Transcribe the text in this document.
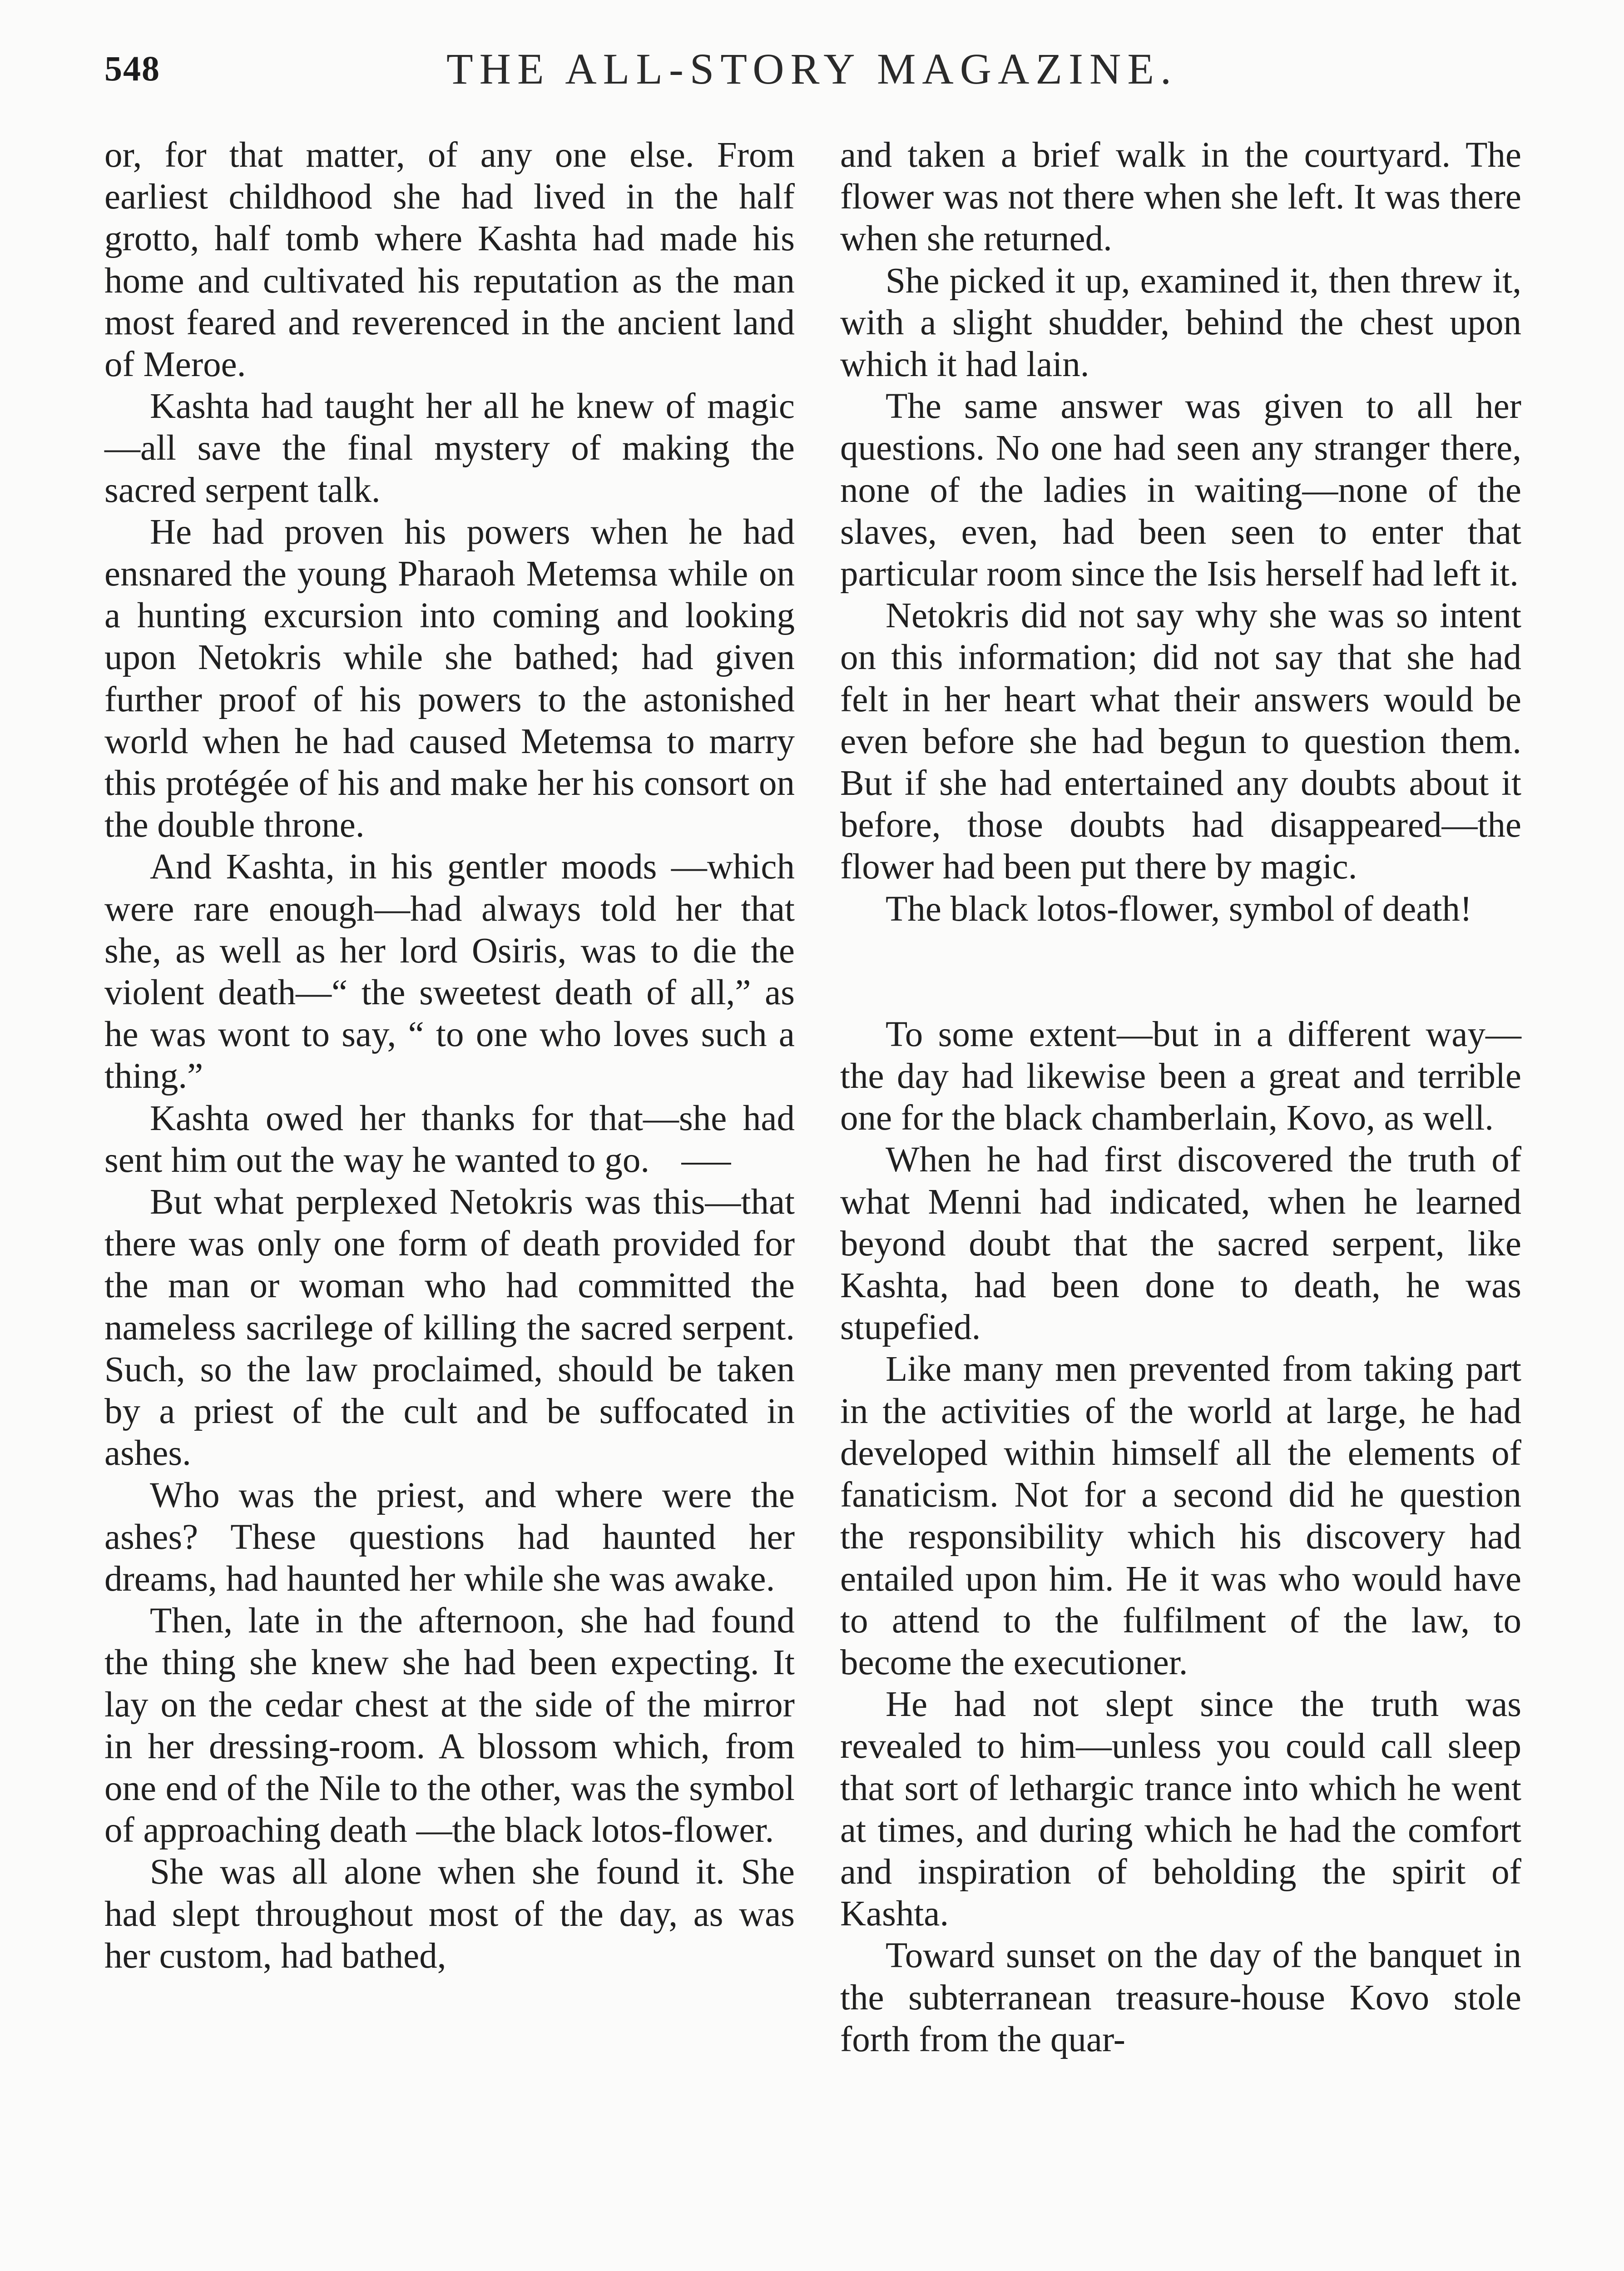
548	THE ALL-STORY MAGAZINE.

or, for that matter, of any one else. From earliest childhood she had lived in the half grotto, half tomb where Kashta had made his home and cultivated his reputation as the man most feared and reverenced in the ancient land of Meroe.

Kashta had taught her all he knew of magic—all save the final mystery of making the sacred serpent talk.

He had proven his powers when he had ensnared the young Pharaoh Metemsa while on a hunting excursion into coming and looking upon Netokris while she bathed; had given further proof of his powers to the astonished world when he had caused Metemsa to marry this protégée of his and make her his consort on the double throne.

And Kashta, in his gentler moods —which were rare enough—had always told her that she, as well as her lord Osiris, was to die the violent death—“ the sweetest death of all,” as he was wont to say, “ to one who loves such a thing.”

Kashta owed her thanks for that—she had sent him out the way he wanted to go.

But what perplexed Netokris was this—that there was only one form of death provided for the man or woman who had committed the nameless sacrilege of killing the sacred serpent. Such, so the law proclaimed, should be taken by a priest of the cult and be suffocated in ashes.

Who was the priest, and where were the ashes? These questions had haunted her dreams, had haunted her while she was awake.

Then, late in the afternoon, she had found the thing she knew she had been expecting. It lay on the cedar chest at the side of the mirror in her dressing-room. A blossom which, from one end of the Nile to the other, was the symbol of approaching death —the black lotos-flower.

She was all alone when she found it. She had slept throughout most of the day, as was her custom, had bathed,

and taken a brief walk in the courtyard. The flower was not there when she left. It was there when she returned.

She picked it up, examined it, then threw it, with a slight shudder, behind the chest upon which it had lain.

The same answer was given to all her questions. No one had seen any stranger there, none of the ladies in waiting—none of the slaves, even, had been seen to enter that particular room since the Isis herself had left it.

Netokris did not say why she was so intent on this information; did not say that she had felt in her heart what their answers would be even before she had begun to question them. But if she had entertained any doubts about it before, those doubts had disappeared—the flower had been put there by magic.

The black lotos-flower, symbol of death!

To some extent—but in a different way—the day had likewise been a great and terrible one for the black chamberlain, Kovo, as well.

When he had first discovered the truth of what Menni had indicated, when he learned beyond doubt that the sacred serpent, like Kashta, had been done to death, he was stupefied.

Like many men prevented from taking part in the activities of the world at large, he had developed within himself all the elements of fanaticism. Not for a second did he question the responsibility which his discovery had entailed upon him. He it was who would have to attend to the fulfilment of the law, to become the executioner.

He had not slept since the truth was revealed to him—unless you could call sleep that sort of lethargic trance into which he went at times, and during which he had the comfort and inspiration of beholding the spirit of Kashta.

Toward sunset on the day of the banquet in the subterranean treasure-house Kovo stole forth from the quar-
